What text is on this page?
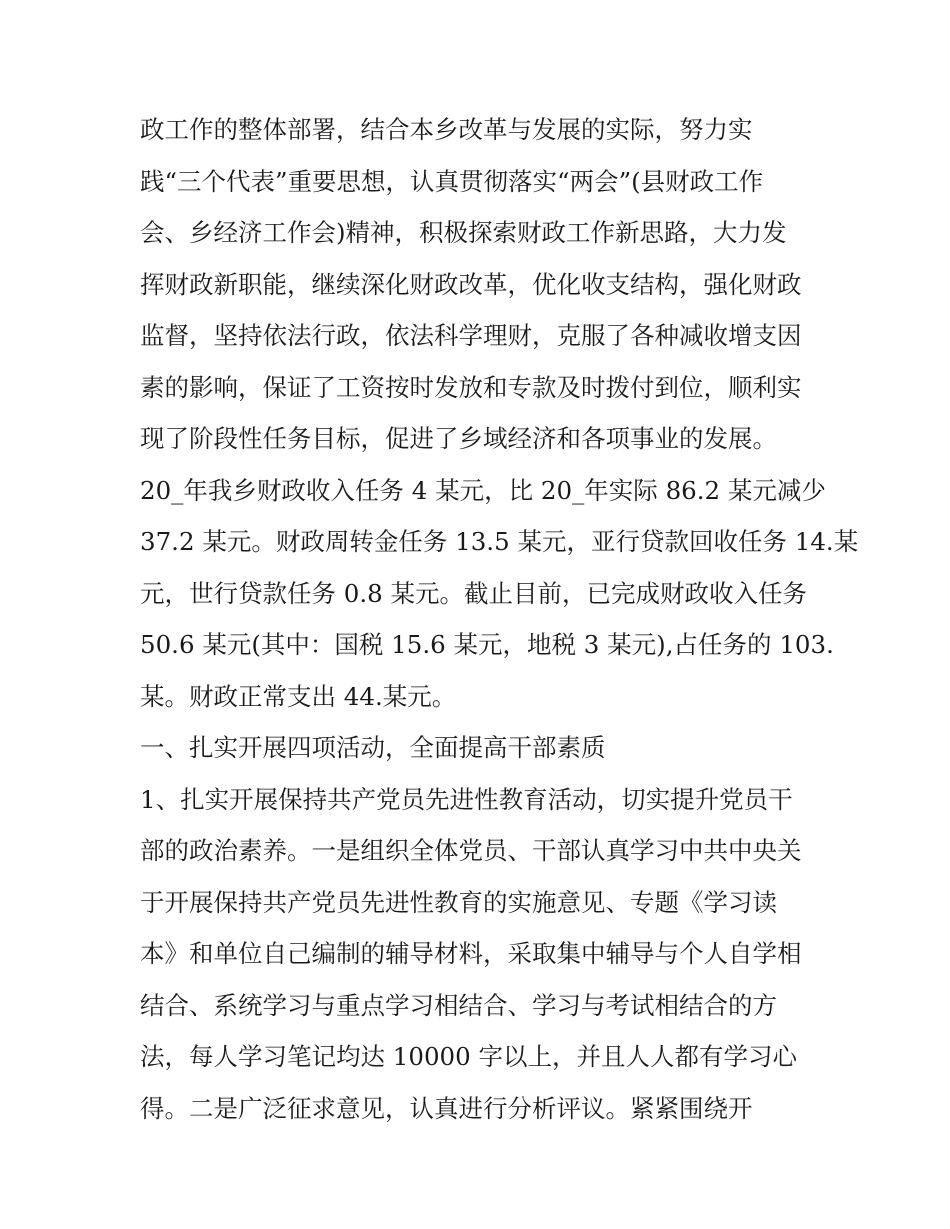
政工作的整体部署，结合本乡改革与发展的实际，努力实
践“三个代表”重要思想，认真贯彻落实“两会”(县财政工作
会、乡经济工作会)精神，积极探索财政工作新思路，大力发
挥财政新职能，继续深化财政改革，优化收支结构，强化财政
监督，坚持依法行政，依法科学理财，克服了各种减收增支因
素的影响，保证了工资按时发放和专款及时拨付到位，顺利实
现了阶段性任务目标，促进了乡域经济和各项事业的发展。
20_年我乡财政收入任务 4 某元，比 20_年实际 86.2 某元减少
37.2 某元。财政周转金任务 13.5 某元，亚行贷款回收任务 14.某
元，世行贷款任务 0.8 某元。截止目前，已完成财政收入任务
50.6 某元(其中：国税 15.6 某元，地税 3 某元),占任务的 103.
某。财政正常支出 44.某元。
一、扎实开展四项活动，全面提高干部素质
1、扎实开展保持共产党员先进性教育活动，切实提升党员干
部的政治素养。一是组织全体党员、干部认真学习中共中央关
于开展保持共产党员先进性教育的实施意见、专题《学习读
本》和单位自己编制的辅导材料，采取集中辅导与个人自学相
结合、系统学习与重点学习相结合、学习与考试相结合的方
法，每人学习笔记均达 10000 字以上，并且人人都有学习心
得。二是广泛征求意见，认真进行分析评议。紧紧围绕开
